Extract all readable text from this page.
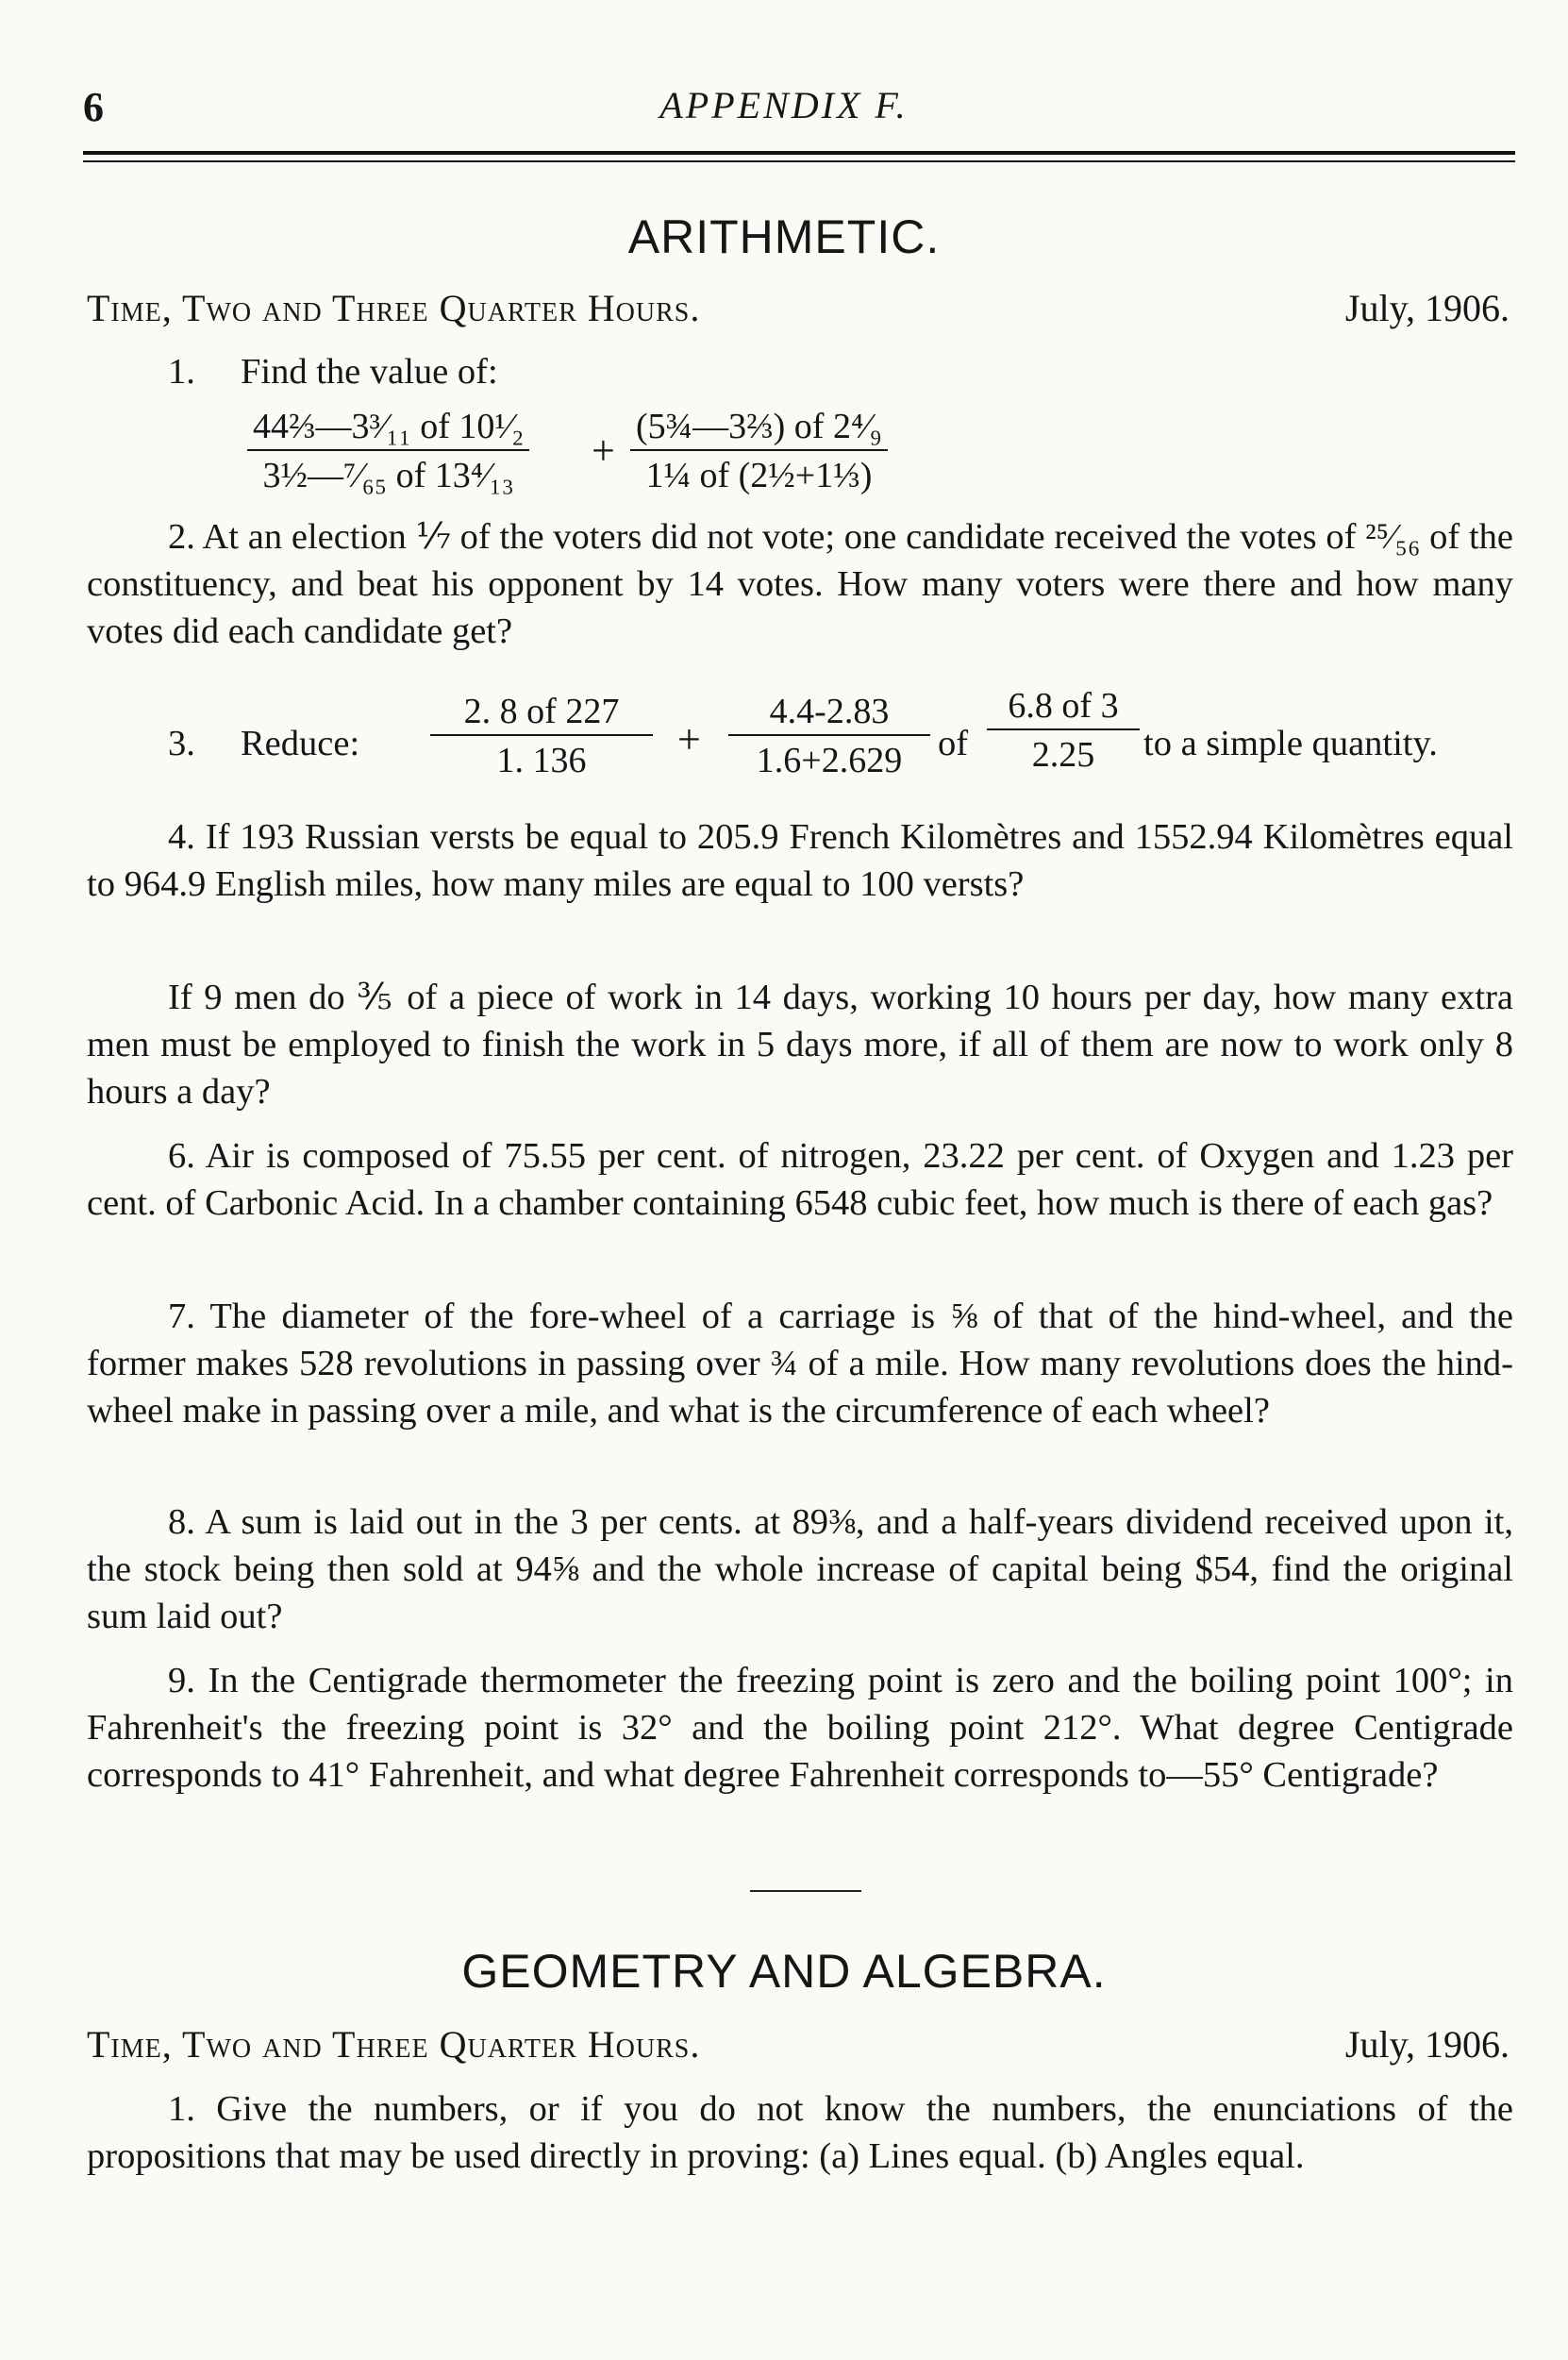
6	APPENDIX F.
ARITHMETIC.
Time, Two and Three Quarter Hours.	July, 1906.
1. Find the value of:
$\frac{\text{44⅔—3³⁄₁₁ of 10¹⁄₂}}{\text{3½—⁷⁄₆₅ of 13⁴⁄₁₃}} + \frac{\text{(5¾—3⅔) of 2⁴⁄₉}}{\text{1¼ of (2½+1⅓)}}$

2. At an election ⅐ of the voters did not vote; one candidate received the votes of ²⁵⁄₅₆ of the constituency, and beat his opponent by 14 votes. How many voters were there and how many votes did each candidate get?

3. Reduce: $\frac{2. 8 of 227}{1. 136} + \frac{4.4-2.83}{1.6+2.629}$ of $\frac{6.8 of 3}{2.25}$ to a simple quantity.

4. If 193 Russian versts be equal to 205.9 French Kilomètres and 1552.94 Kilomètres equal to 964.9 English miles, how many miles are equal to 100 versts?

If 9 men do ⅗ of a piece of work in 14 days, working 10 hours per day, how many extra men must be employed to finish the work in 5 days more, if all of them are now to work only 8 hours a day?

6. Air is composed of 75.55 per cent. of nitrogen, 23.22 per cent. of Oxygen and 1.23 per cent. of Carbonic Acid. In a chamber containing 6548 cubic feet, how much is there of each gas?

7. The diameter of the fore-wheel of a carriage is ⅝ of that of the hind-wheel, and the former makes 528 revolutions in passing over ¾ of a mile. How many revolutions does the hind-wheel make in passing over a mile, and what is the circumference of each wheel?

8. A sum is laid out in the 3 per cents. at 89⅜, and a half-years dividend received upon it, the stock being then sold at 94⅝ and the whole increase of capital being $54, find the original sum laid out?

9. In the Centigrade thermometer the freezing point is zero and the boiling point 100°; in Fahrenheit's the freezing point is 32° and the boiling point 212°. What degree Centigrade corresponds to 41° Fahrenheit, and what degree Fahrenheit corresponds to—55° Centigrade?

GEOMETRY AND ALGEBRA.
Time, Two and Three Quarter Hours.	July, 1906.

1. Give the numbers, or if you do not know the numbers, the enunciations of the propositions that may be used directly in proving: (a) Lines equal. (b) Angles equal.
